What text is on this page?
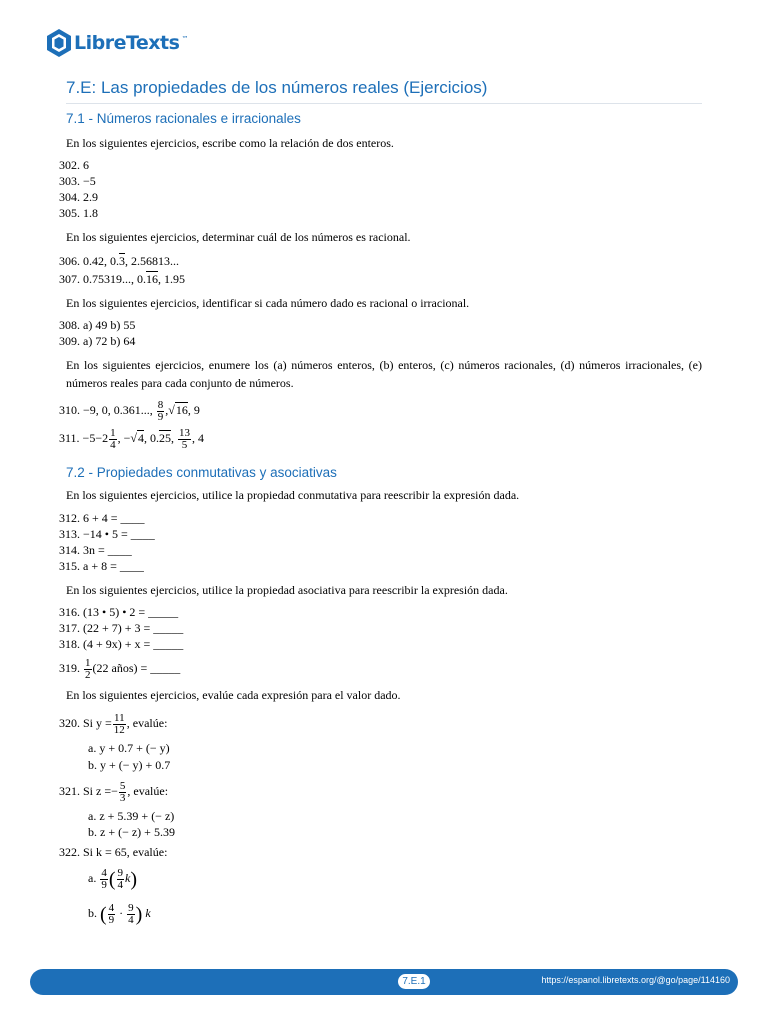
LibreTexts ™
7.E: Las propiedades de los números reales (Ejercicios)
7.1 - Números racionales e irracionales
En los siguientes ejercicios, escribe como la relación de dos enteros.
302. 6
303. −5
304. 2.9
305. 1.8
En los siguientes ejercicios, determinar cuál de los números es racional.
306. 0.42, 0.3, 2.56813...
307. 0.75319..., 0.16, 1.95
En los siguientes ejercicios, identificar si cada número dado es racional o irracional.
308. a) 49 b) 55
309. a) 72 b) 64
En los siguientes ejercicios, enumere los (a) números enteros, (b) enteros, (c) números racionales, (d) números irracionales, (e) números reales para cada conjunto de números.
310. −9, 0, 0.361..., $\frac{8}{9} ,√16$, 9
311. $-5-2 \frac{1}{4}$ , −√4, 0.25, $\frac{13}{5}$ , 4
7.2 - Propiedades conmutativas y asociativas
En los siguientes ejercicios, utilice la propiedad conmutativa para reescribir la expresión dada.
312. 6 + 4 = ____
313. −14 • 5 = ____
314. 3n = ____
315. a + 8 = ____
En los siguientes ejercicios, utilice la propiedad asociativa para reescribir la expresión dada.
316. (13 • 5) • 2 = _____
317. (22 + 7) + 3 = _____
318. (4 + 9x) + x = _____
319. $\frac{1}{2} (22$ años) = _____
En los siguientes ejercicios, evalúe cada expresión para el valor dado.
320. Si $y = \frac{11}{12}$ , evalúe:
a. y + 0.7 + (− y)
b. y + (− y) + 0.7
321. Si $z =- \frac{5}{3}$ , evalúe:
a. z + 5.39 + (− z)
b. z + (− z) + 5.39
322. Si k = 65, evalúe:
a. $\frac{4}{9}$ ( $\frac{9}{4} k$)
b. ( $\frac{4}{9} \cdot \frac{9}{4}$ ) k
7.E.1	https://espanol.libretexts.org/@go/page/114160
